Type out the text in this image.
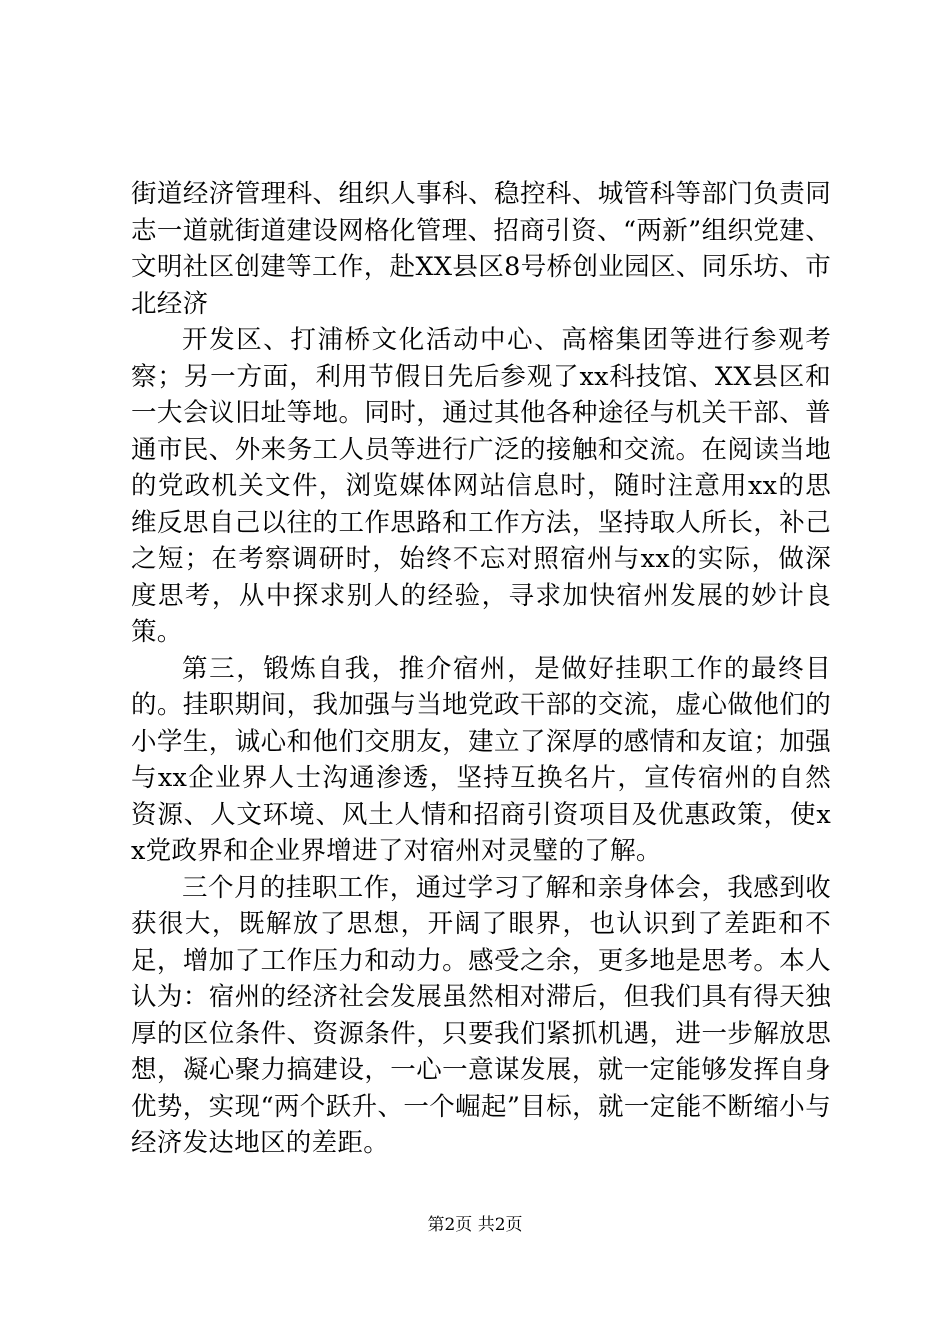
街道经济管理科、组织人事科、稳控科、城管科等部门负责同志一道就街道建设网格化管理、招商引资、“两新”组织党建、文明社区创建等工作，赴XX县区8号桥创业园区、同乐坊、市北经济

开发区、打浦桥文化活动中心、高榕集团等进行参观考察；另一方面，利用节假日先后参观了xx科技馆、XX县区和一大会议旧址等地。同时，通过其他各种途径与机关干部、普通市民、外来务工人员等进行广泛的接触和交流。在阅读当地的党政机关文件，浏览媒体网站信息时，随时注意用xx的思维反思自己以往的工作思路和工作方法，坚持取人所长，补己之短；在考察调研时，始终不忘对照宿州与xx的实际，做深度思考，从中探求别人的经验，寻求加快宿州发展的妙计良策。

第三，锻炼自我，推介宿州，是做好挂职工作的最终目的。挂职期间，我加强与当地党政干部的交流，虚心做他们的小学生，诚心和他们交朋友，建立了深厚的感情和友谊；加强与xx企业界人士沟通渗透，坚持互换名片，宣传宿州的自然资源、人文环境、风土人情和招商引资项目及优惠政策，使xx党政界和企业界增进了对宿州对灵璧的了解。

三个月的挂职工作，通过学习了解和亲身体会，我感到收获很大，既解放了思想，开阔了眼界，也认识到了差距和不足，增加了工作压力和动力。感受之余，更多地是思考。本人认为：宿州的经济社会发展虽然相对滞后，但我们具有得天独厚的区位条件、资源条件，只要我们紧抓机遇，进一步解放思想，凝心聚力搞建设，一心一意谋发展，就一定能够发挥自身优势，实现“两个跃升、一个崛起”目标，就一定能不断缩小与经济发达地区的差距。

第2页 共2页
